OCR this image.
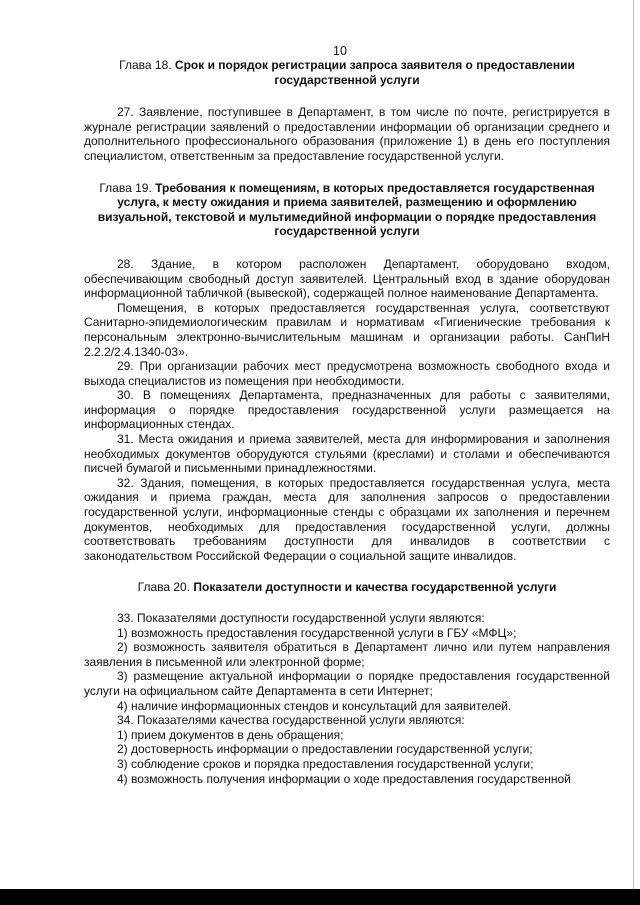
10
Глава 18. Срок и порядок регистрации запроса заявителя о предоставлении государственной услуги

27. Заявление, поступившее в Департамент, в том числе по почте, регистрируется в журнале регистрации заявлений о предоставлении информации об организации среднего и дополнительного профессионального образования (приложение 1) в день его поступления специалистом, ответственным за предоставление государственной услуги.

Глава 19. Требования к помещениям, в которых предоставляется государственная услуга, к месту ожидания и приема заявителей, размещению и оформлению визуальной, текстовой и мультимедийной информации о порядке предоставления государственной услуги

28. Здание, в котором расположен Департамент, оборудовано входом, обеспечивающим свободный доступ заявителей. Центральный вход в здание оборудован информационной табличкой (вывеской), содержащей полное наименование Департамента.

Помещения, в которых предоставляется государственная услуга, соответствуют Санитарно-эпидемиологическим правилам и нормативам «Гигиенические требования к персональным электронно-вычислительным машинам и организации работы. СанПиН 2.2.2/2.4.1340-03».

29. При организации рабочих мест предусмотрена возможность свободного входа и выхода специалистов из помещения при необходимости.

30. В помещениях Департамента, предназначенных для работы с заявителями, информация о порядке предоставления государственной услуги размещается на информационных стендах.

31. Места ожидания и приема заявителей, места для информирования и заполнения необходимых документов оборудуются стульями (креслами) и столами и обеспечиваются писчей бумагой и письменными принадлежностями.

32. Здания, помещения, в которых предоставляется государственная услуга, места ожидания и приема граждан, места для заполнения запросов о предоставлении государственной услуги, информационные стенды с образцами их заполнения и перечнем документов, необходимых для предоставления государственной услуги, должны соответствовать требованиям доступности для инвалидов в соответствии с законодательством Российской Федерации о социальной защите инвалидов.

Глава 20. Показатели доступности и качества государственной услуги

33. Показателями доступности государственной услуги являются:

1) возможность предоставления государственной услуги в ГБУ «МФЦ»;

2) возможность заявителя обратиться в Департамент лично или путем направления заявления в письменной или электронной форме;

3) размещение актуальной информации о порядке предоставления государственной услуги на официальном сайте Департамента в сети Интернет;

4) наличие информационных стендов и консультаций для заявителей.

34. Показателями качества государственной услуги являются:

1) прием документов в день обращения;

2) достоверность информации о предоставлении государственной услуги;

3) соблюдение сроков и порядка предоставления государственной услуги;

4) возможность получения информации о ходе предоставления государственной
